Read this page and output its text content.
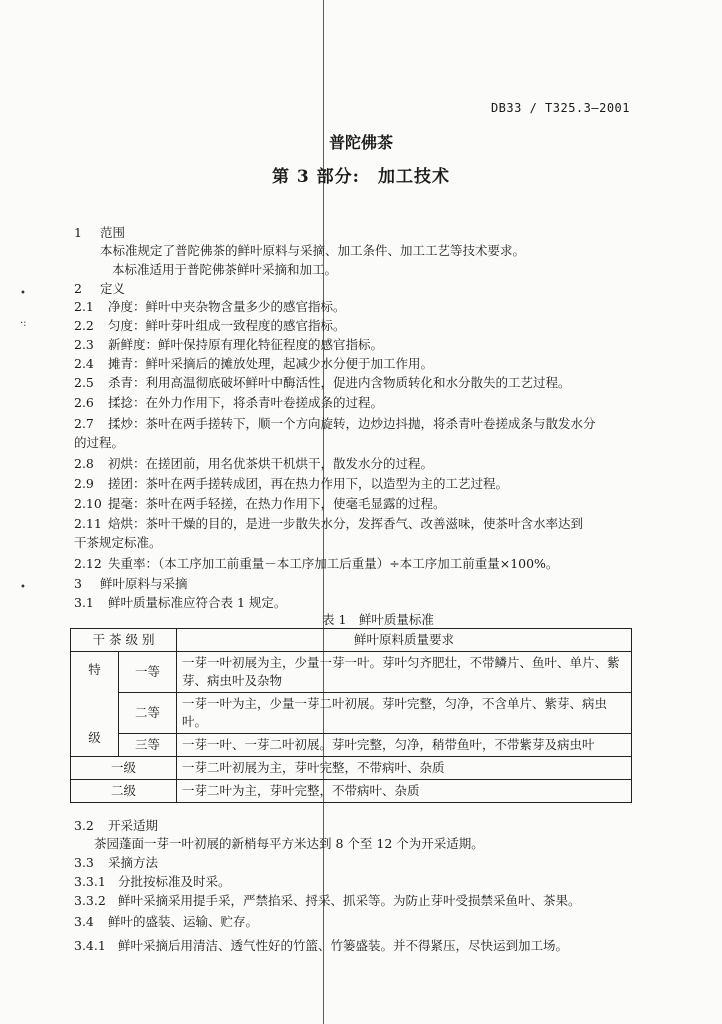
•
·:
•
DB33 / T325.3—2001
普陀佛茶
第 3 部分:　加工技术
1 范围
本标准规定了普陀佛茶的鲜叶原料与采摘、加工条件、加工工艺等技术要求。
本标准适用于普陀佛茶鲜叶采摘和加工。
2 定义
2.1 净度：鲜叶中夹杂物含量多少的感官指标。
2.2 匀度：鲜叶芽叶组成一致程度的感官指标。
2.3 新鲜度：鲜叶保持原有理化特征程度的感官指标。
2.4 摊青：鲜叶采摘后的摊放处理，起减少水分便于加工作用。
2.5 杀青：利用高温彻底破坏鲜叶中酶活性，促进内含物质转化和水分散失的工艺过程。
2.6 揉捻：在外力作用下，将杀青叶卷搓成条的过程。
2.7 揉炒：茶叶在两手搓转下，顺一个方向旋转，边炒边抖抛，将杀青叶卷搓成条与散发水分
的过程。
2.8 初烘：在搓团前，用名优茶烘干机烘干，散发水分的过程。
2.9 搓团：茶叶在两手搓转成团，再在热力作用下，以造型为主的工艺过程。
2.10 提毫：茶叶在两手轻搓，在热力作用下，使毫毛显露的过程。
2.11 焙烘：茶叶干燥的目的，是进一步散失水分，发挥香气、改善滋味，使茶叶含水率达到
干茶规定标准。
2.12 失重率：（本工序加工前重量－本工序加工后重量）÷本工序加工前重量×100%。
3 鲜叶原料与采摘
3.1 鲜叶质量标准应符合表 1 规定。
表 1　鲜叶质量标准
干 茶 级 别		鲜叶原料质量要求

特
级	一等	一芽一叶初展为主，少量一芽一叶。芽叶匀齐肥壮，不带鳞片、鱼叶、单片、紫芽、病虫叶及杂物
	二等	一芽一叶为主，少量一芽二叶初展。芽叶完整，匀净，不含单片、紫芽、病虫叶。
	三等	一芽一叶、一芽二叶初展。芽叶完整，匀净，稍带鱼叶，不带紫芽及病虫叶
一级		一芽二叶初展为主，芽叶完整，不带病叶、杂质
二级		一芽二叶为主，芽叶完整，不带病叶、杂质
3.2 开采适期
茶园蓬面一芽一叶初展的新梢每平方米达到 8 个至 12 个为开采适期。
3.3 采摘方法
3.3.1 分批按标准及时采。
3.3.2 鲜叶采摘采用提手采，严禁掐采、捋采、抓采等。为防止芽叶受损禁采鱼叶、茶果。
3.4 鲜叶的盛装、运输、贮存。
3.4.1 鲜叶采摘后用清洁、透气性好的竹篮、竹篓盛装。并不得紧压，尽快运到加工场。
